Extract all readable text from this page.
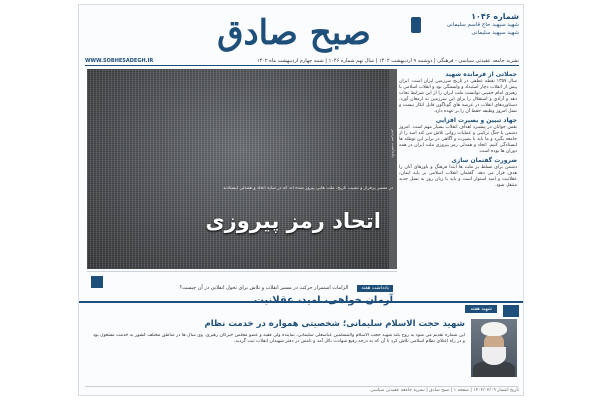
شماره ۱۰۴۶
شهید سپهبد حاج قاسم سلیمانی
شهید سپهبد سلیمانی
صبح صادق
نشریه جامعه عقیدتی سیاسی - فرهنگی | دوشنبه ۹ اردیبهشت ۱۴۰۲ | سال نهم شماره ۱۰۴۶ | شنبه چهارم اردیبهشت ماه ۱۴۰۲
WWW.SOBHESADEGH.IR
جملاتی از فرمانده شهید
سال ۱۳۵۷ نقطه عطفی در تاریخ سرزمین ایران است. ایران پیش از انقلاب دچار استبداد و وابستگی بود و انقلاب اسلامی با رهبری امام خمینی توانست ملت ایران را از این شرایط نجات دهد و آزادی و استقلال را برای این سرزمین به ارمغان آورد. دستاوردهای انقلاب در عرصه های گوناگون قابل انکار نیست و نسل امروز وظیفه حفظ آن را بر عهده دارد.
جهاد تبیین و بصیرت افزایی
نقش جوانان در پیشبرد اهداف انقلاب بسیار مهم است. امروز دشمن با جنگ ترکیبی و عملیات روانی تلاش می کند امید را از جامعه بگیرد و ما باید با بصیرت و آگاهی در برابر این توطئه ها ایستادگی کنیم. اتحاد و همدلی رمز پیروزی ملت ایران در همه دوران ها بوده است.
ضرورت گفتمان سازی
دشمن برای تسلط بر ملت ها ابتدا فرهنگ و باورهای آنان را هدف قرار می دهد. گفتمان انقلاب اسلامی بر پایه ایمان، عقلانیت و امید استوار است و باید با زبان روز به نسل جدید منتقل شود.
یادداشت سردبیر
در مسیر پرفراز و نشیب تاریخ، ملت هایی پیروز شده اند که در سایه اتحاد و همدلی ایستادند
اتحاد رمز پیروزی
یادداشت هفته الزامات استمرار حرکت در مسیر انقلاب و تلاش برای تحول انقلابی در آن چیست؟
آرمان خواهی، امید، عقلانیت
شهید هفته
شهید حجت الاسلام سلیمانی؛ شخصیتی همواره در خدمت نظام
این شماره تقدیم می شود به روح بلند شهید حجت الاسلام والمسلمین عباسعلی سلیمانی، نماینده ولی فقیه و عضو مجلس خبرگان رهبری. وی سال ها در مناطق مختلف کشور به خدمت مشغول بود و در راه اعتلای نظام اسلامی تلاش کرد تا آن که به درجه رفیع شهادت نائل آمد و نامش در دفتر شهیدان انقلاب ثبت گردید.
تاریخ انتشار ۱۴۰۲/۰۲/۰۹ | صفحه ۱ | صبح صادق | نشریه جامعه عقیدتی سیاسی
